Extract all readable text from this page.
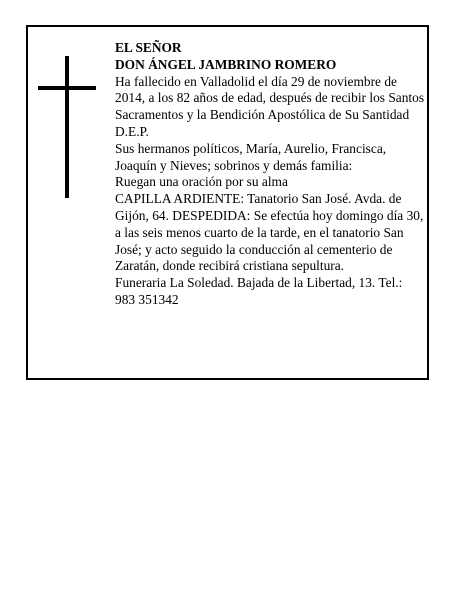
EL SEÑOR

DON ÁNGEL JAMBRINO ROMERO

Ha fallecido en Valladolid el día 29 de noviembre de 2014, a los 82 años de edad, después de recibir los Santos Sacramentos y la Bendición Apostólica de Su Santidad

D.E.P.

Sus hermanos políticos, María, Aurelio, Francisca, Joaquín y Nieves; sobrinos y demás familia:

Ruegan una oración por su alma

CAPILLA ARDIENTE: Tanatorio San José. Avda. de Gijón, 64. DESPEDIDA: Se efectúa hoy domingo día 30, a las seis menos cuarto de la tarde, en el tanatorio San José; y acto seguido la conducción al cementerio de Zaratán, donde recibirá cristiana sepultura.

Funeraria La Soledad. Bajada de la Libertad, 13. Tel.: 983 351342
